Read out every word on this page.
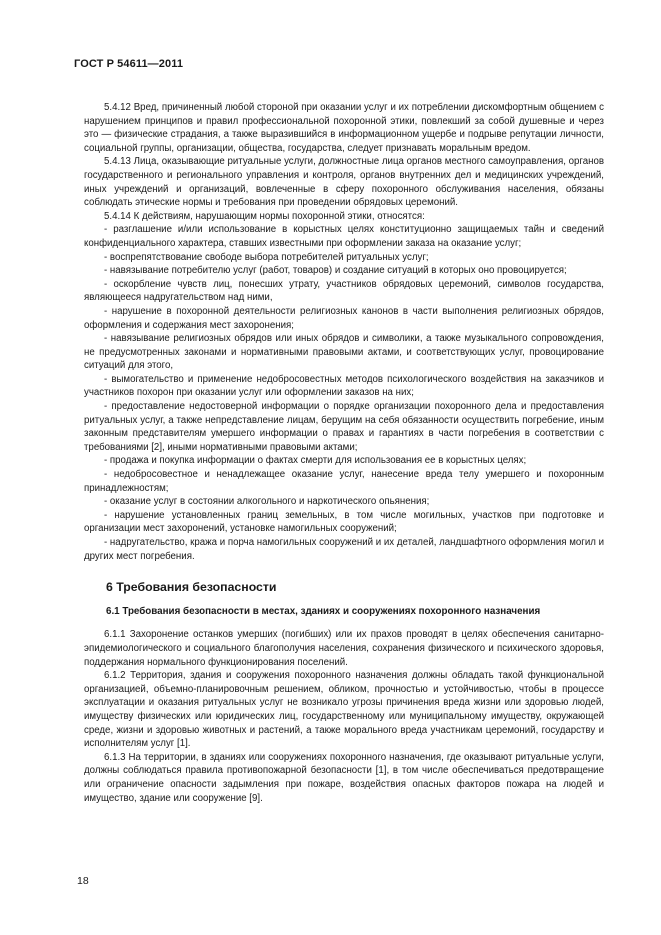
ГОСТ Р 54611—2011

5.4.12 Вред, причиненный любой стороной при оказании услуг и их потреблении дискомфортным общением с нарушением принципов и правил профессиональной похоронной этики, повлекший за собой душевные и через это — физические страдания, а также выразившийся в информационном ущербе и подрыве репутации личности, социальной группы, организации, общества, государства, следует признавать моральным вредом.

5.4.13 Лица, оказывающие ритуальные услуги, должностные лица органов местного самоуправления, органов государственного и регионального управления и контроля, органов внутренних дел и медицинских учреждений, иных учреждений и организаций, вовлеченные в сферу похоронного обслуживания населения, обязаны соблюдать этические нормы и требования при проведении обрядовых церемоний.

5.4.14 К действиям, нарушающим нормы похоронной этики, относятся:

- разглашение и/или использование в корыстных целях конституционно защищаемых тайн и сведений конфиденциального характера, ставших известными при оформлении заказа на оказание услуг;

- воспрепятствование свободе выбора потребителей ритуальных услуг;

- навязывание потребителю услуг (работ, товаров) и создание ситуаций в которых оно провоцируется;

- оскорбление чувств лиц, понесших утрату, участников обрядовых церемоний, символов государства, являющееся надругательством над ними,

- нарушение в похоронной деятельности религиозных канонов в части выполнения религиозных обрядов, оформления и содержания мест захоронения;

- навязывание религиозных обрядов или иных обрядов и символики, а также музыкального сопровождения, не предусмотренных законами и нормативными правовыми актами, и соответствующих услуг, провоцирование ситуаций для этого,

- вымогательство и применение недобросовестных методов психологического воздействия на заказчиков и участников похорон при оказании услуг или оформлении заказов на них;

- предоставление недостоверной информации о порядке организации похоронного дела и предоставления ритуальных услуг, а также непредставление лицам, берущим на себя обязанности осуществить погребение, иным законным представителям умершего информации о правах и гарантиях в части погребения в соответствии с требованиями [2], иными нормативными правовыми актами;

- продажа и покупка информации о фактах смерти для использования ее в корыстных целях;

- недобросовестное и ненадлежащее оказание услуг, нанесение вреда телу умершего и похоронным принадлежностям;

- оказание услуг в состоянии алкогольного и наркотического опьянения;

- нарушение установленных границ земельных, в том числе могильных, участков при подготовке и организации мест захоронений, установке намогильных сооружений;

- надругательство, кража и порча намогильных сооружений и их деталей, ландшафтного оформления могил и других мест погребения.

6 Требования безопасности
6.1 Требования безопасности в местах, зданиях и сооружениях похоронного назначения

6.1.1 Захоронение останков умерших (погибших) или их прахов проводят в целях обеспечения санитарно-эпидемиологического и социального благополучия населения, сохранения физического и психического здоровья, поддержания нормального функционирования поселений.

6.1.2 Территория, здания и сооружения похоронного назначения должны обладать такой функциональной организацией, объемно-планировочным решением, обликом, прочностью и устойчивостью, чтобы в процессе эксплуатации и оказания ритуальных услуг не возникало угрозы причинения вреда жизни или здоровью людей, имуществу физических или юридических лиц, государственному или муниципальному имуществу, окружающей среде, жизни и здоровью животных и растений, а также морального вреда участникам церемоний, государству и исполнителям услуг [1].

6.1.3 На территории, в зданиях или сооружениях похоронного назначения, где оказывают ритуальные услуги, должны соблюдаться правила противопожарной безопасности [1], в том числе обеспечиваться предотвращение или ограничение опасности задымления при пожаре, воздействия опасных факторов пожара на людей и имущество, здание или сооружение [9].

18
